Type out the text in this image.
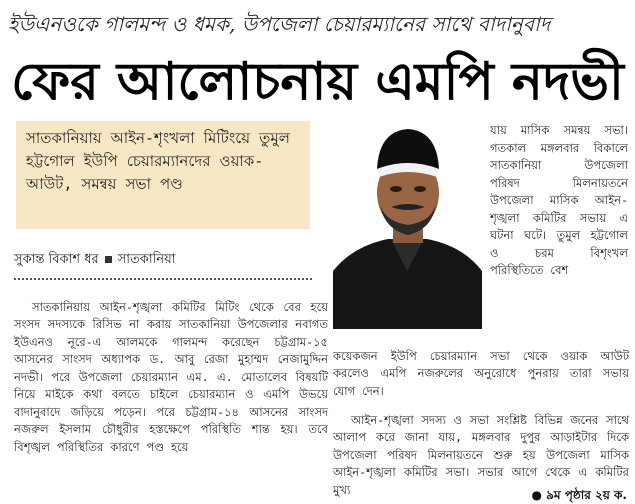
ইউএনওকে গালমন্দ ও ধমক, উপজেলা চেয়ারম্যানের সাথে বাদানুবাদ
ফের আলোচনায় এমপি নদভী
সাতকানিয়ায় আইন-শৃংখলা মিটিংয়ে তুমুল হট্টগোল ইউপি চেয়ারম্যানদের ওয়াক-আউট, সমন্বয় সভা পণ্ড
সুকান্ত বিকাশ ধর সাতকানিয়া

যায় মাসিক সমন্বয় সভা। গতকাল মঙ্গলবার বিকালে সাতকানিয়া উপজেলা পরিষদ মিলনায়তনে উপজেলা মাসিক আইন-শৃঙ্খলা কমিটির সভায় এ ঘটনা ঘটে। তুমুল হট্টগোল ও চরম বিশৃংখল পরিস্থিতিতে বেশ

সাতকানিয়ায় আইন-শৃঙ্খলা কমিটির মিটিং থেকে বের হয়ে সংসদ সদস্যকে রিসিভ না করায় সাতকানিয়া উপজেলার নবাগত ইউএনও নূরে-এ আলমকে গালমন্দ করেছেন চট্টগ্রাম-১৫ আসনের সাংসদ অধ্যাপক ড. আবু রেজা মুহাম্মদ নেজামুদ্দিন নদভী। পরে উপজেলা চেয়ারম্যান এম. এ. মোতালেব বিষয়টি নিয়ে মাইকে কথা বলতে চাইলে চেয়ারম্যান ও এমপি উভয়ে বাদানুবাদে জড়িয়ে পড়েন। পরে চট্টগ্রাম-১৪ আসনের সাংসদ নজরুল ইসলাম চৌধুরীর হস্তক্ষেপে পরিস্থিতি শান্ত হয়। তবে বিশৃঙ্খল পরিস্থিতির কারণে পণ্ড হয়ে

কয়েকজন ইউপি চেয়ারম্যান সভা থেকে ওয়াক আউট করলেও এমপি নজরুলের অনুরোধে পুনরায় তারা সভায় যোগ দেন।

আইন-শৃঙ্খলা সদস্য ও সভা সংশ্লিষ্ট বিভিন্ন জনের সাথে আলাপ করে জানা যায়, মঙ্গলবার দুপুর আড়াইটার দিকে উপজেলা পরিষদ মিলনায়তনে শুরু হয় উপজেলা মাসিক আইন-শৃঙ্খলা কমিটির সভা। সভার আগে থেকে এ কমিটির মুখ্য	● ৯ম পৃষ্ঠার ২য় ক.
